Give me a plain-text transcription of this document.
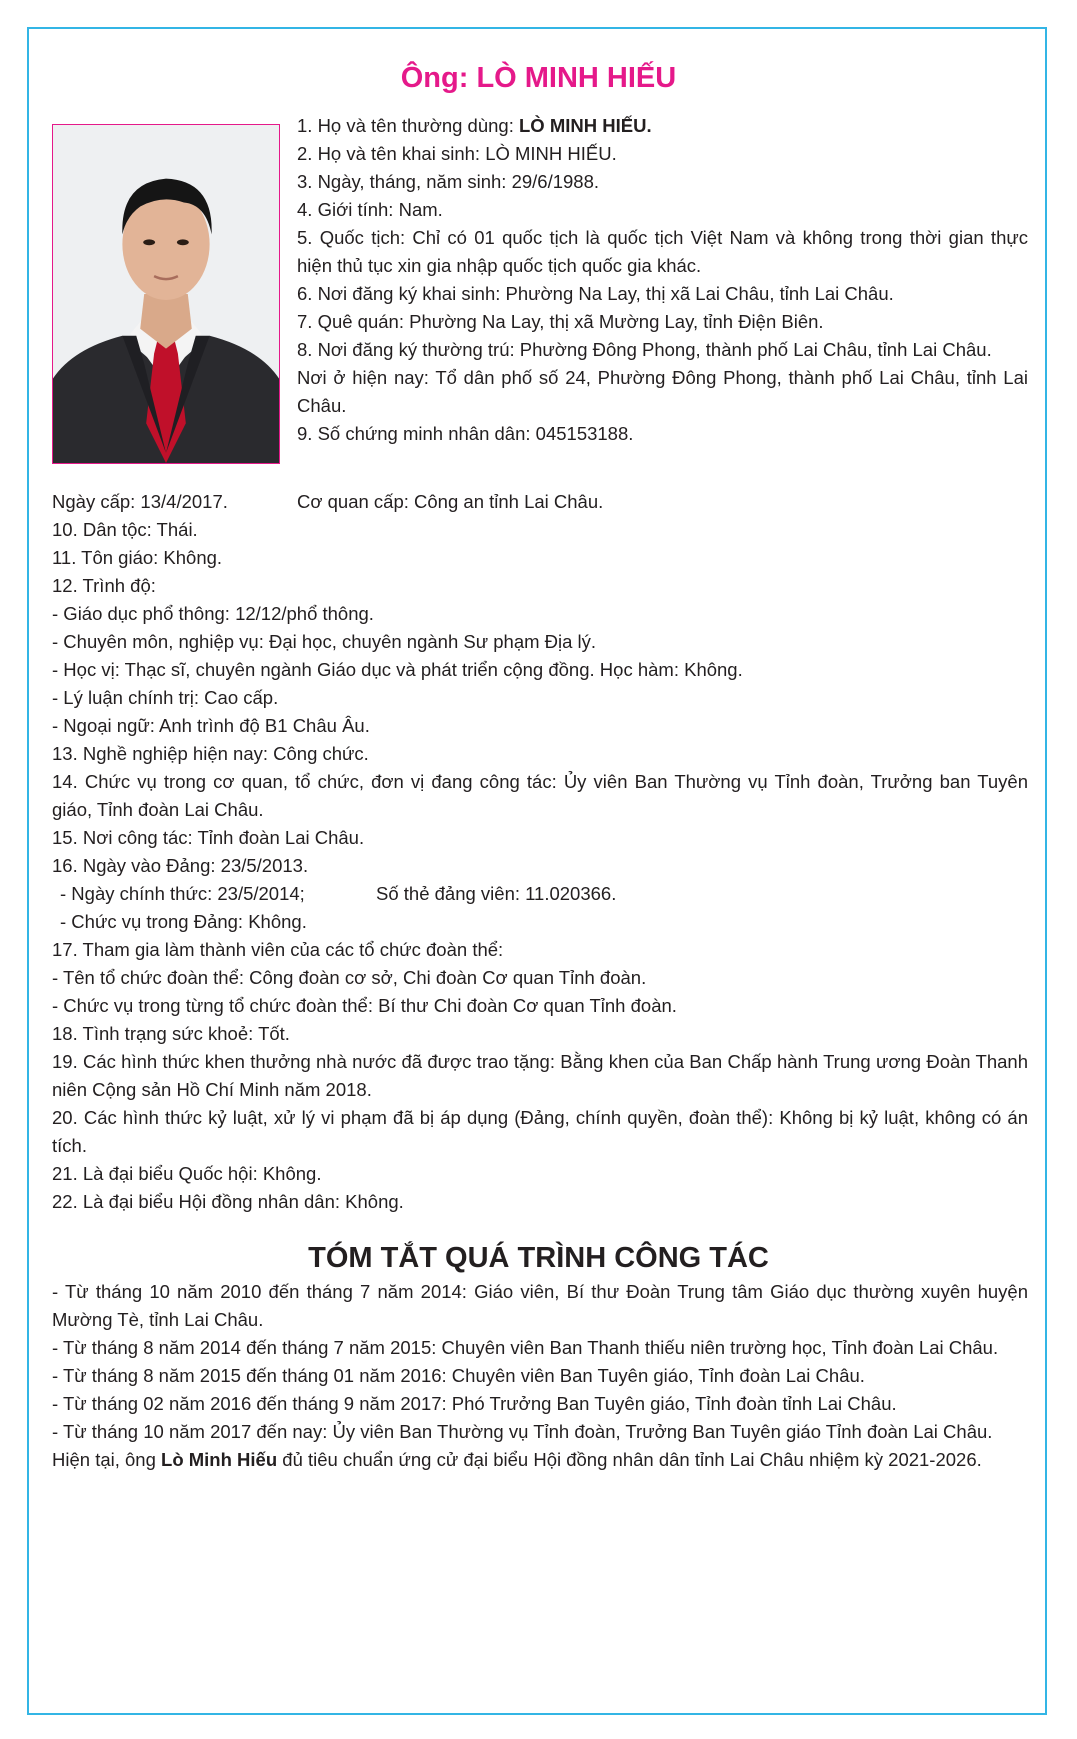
Ông: LÒ MINH HIẾU
1. Họ và tên thường dùng: LÒ MINH HIẾU.
2. Họ và tên khai sinh: LÒ MINH HIẾU.
3. Ngày, tháng, năm sinh: 29/6/1988.
4. Giới tính: Nam.
5. Quốc tịch: Chỉ có 01 quốc tịch là quốc tịch Việt Nam và không trong thời gian thực hiện thủ tục xin gia nhập quốc tịch quốc gia khác.
6. Nơi đăng ký khai sinh: Phường Na Lay, thị xã Lai Châu, tỉnh Lai Châu.
7. Quê quán: Phường Na Lay, thị xã Mường Lay, tỉnh Điện Biên.
8. Nơi đăng ký thường trú: Phường Đông Phong, thành phố Lai Châu, tỉnh Lai Châu.
Nơi ở hiện nay: Tổ dân phố số 24, Phường Đông Phong, thành phố Lai Châu, tỉnh Lai Châu.
9. Số chứng minh nhân dân: 045153188.
Ngày cấp: 13/4/2017.	Cơ quan cấp: Công an tỉnh Lai Châu.
10. Dân tộc: Thái.
11. Tôn giáo: Không.
12. Trình độ:
- Giáo dục phổ thông: 12/12/phổ thông.
- Chuyên môn, nghiệp vụ: Đại học, chuyên ngành Sư phạm Địa lý.
- Học vị: Thạc sĩ, chuyên ngành Giáo dục và phát triển cộng đồng. Học hàm: Không.
- Lý luận chính trị: Cao cấp.
- Ngoại ngữ: Anh trình độ B1 Châu Âu.
13. Nghề nghiệp hiện nay: Công chức.
14. Chức vụ trong cơ quan, tổ chức, đơn vị đang công tác: Ủy viên Ban Thường vụ Tỉnh đoàn, Trưởng ban Tuyên giáo, Tỉnh đoàn Lai Châu.
15. Nơi công tác: Tỉnh đoàn Lai Châu.
16. Ngày vào Đảng: 23/5/2013.
- Ngày chính thức: 23/5/2014;	Số thẻ đảng viên: 11.020366.
- Chức vụ trong Đảng: Không.
17. Tham gia làm thành viên của các tổ chức đoàn thể:
- Tên tổ chức đoàn thể: Công đoàn cơ sở, Chi đoàn Cơ quan Tỉnh đoàn.
- Chức vụ trong từng tổ chức đoàn thể: Bí thư Chi đoàn Cơ quan Tỉnh đoàn.
18. Tình trạng sức khoẻ: Tốt.
19. Các hình thức khen thưởng nhà nước đã được trao tặng: Bằng khen của Ban Chấp hành Trung ương Đoàn Thanh niên Cộng sản Hồ Chí Minh năm 2018.
20. Các hình thức kỷ luật, xử lý vi phạm đã bị áp dụng (Đảng, chính quyền, đoàn thể): Không bị kỷ luật, không có án tích.
21. Là đại biểu Quốc hội: Không.
22. Là đại biểu Hội đồng nhân dân: Không.
TÓM TẮT QUÁ TRÌNH CÔNG TÁC
- Từ tháng 10 năm 2010 đến tháng 7 năm 2014: Giáo viên, Bí thư Đoàn Trung tâm Giáo dục thường xuyên huyện Mường Tè, tỉnh Lai Châu.
- Từ tháng 8 năm 2014 đến tháng 7 năm 2015: Chuyên viên Ban Thanh thiếu niên trường học, Tỉnh đoàn Lai Châu.
- Từ tháng 8 năm 2015 đến tháng 01 năm 2016: Chuyên viên Ban Tuyên giáo, Tỉnh đoàn Lai Châu.
- Từ tháng 02 năm 2016 đến tháng 9 năm 2017: Phó Trưởng Ban Tuyên giáo, Tỉnh đoàn tỉnh Lai Châu.
- Từ tháng 10 năm 2017 đến nay: Ủy viên Ban Thường vụ Tỉnh đoàn, Trưởng Ban Tuyên giáo Tỉnh đoàn Lai Châu.
Hiện tại, ông Lò Minh Hiếu đủ tiêu chuẩn ứng cử đại biểu Hội đồng nhân dân tỉnh Lai Châu nhiệm kỳ 2021-2026.
